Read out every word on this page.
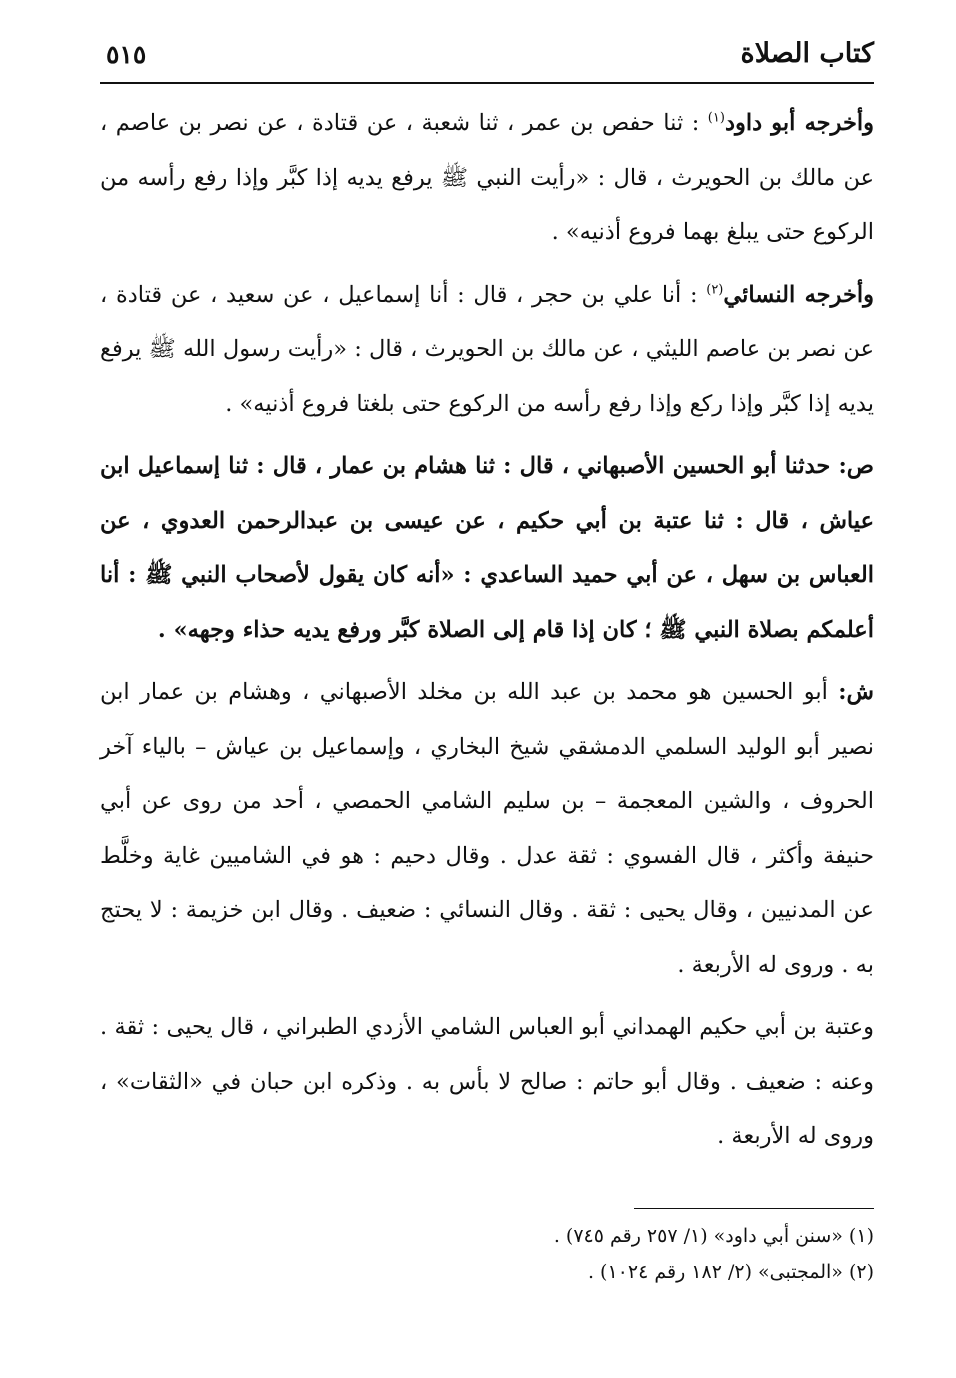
كتاب الصلاة
٥١٥

وأخرجه أبو داود$^{(١)}$ : ثنا حفص بن عمر ، ثنا شعبة ، عن قتادة ، عن نصر بن عاصم ، عن مالك بن الحويرث ، قال : «رأيت النبي ﷺ يرفع يديه إذا كبَّر وإذا رفع رأسه من الركوع حتى يبلغ بهما فروع أذنيه» .

وأخرجه النسائي$^{(٢)}$ : أنا علي بن حجر ، قال : أنا إسماعيل ، عن سعيد ، عن قتادة ، عن نصر بن عاصم الليثي ، عن مالك بن الحويرث ، قال : «رأيت رسول الله ﷺ يرفع يديه إذا كبَّر وإذا ركع وإذا رفع رأسه من الركوع حتى بلغتا فروع أذنيه» .

ص: حدثنا أبو الحسين الأصبهاني ، قال : ثنا هشام بن عمار ، قال : ثنا إسماعيل ابن عياش ، قال : ثنا عتبة بن أبي حكيم ، عن عيسى بن عبدالرحمن العدوي ، عن العباس بن سهل ، عن أبي حميد الساعدي : «أنه كان يقول لأصحاب النبي ﷺ : أنا أعلمكم بصلاة النبي ﷺ ؛ كان إذا قام إلى الصلاة كبَّر ورفع يديه حذاء وجهه» .

ش: أبو الحسين هو محمد بن عبد الله بن مخلد الأصبهاني ، وهشام بن عمار ابن نصير أبو الوليد السلمي الدمشقي شيخ البخاري ، وإسماعيل بن عياش – بالياء آخر الحروف ، والشين المعجمة – بن سليم الشامي الحمصي ، أحد من روى عن أبي حنيفة وأكثر ، قال الفسوي : ثقة عدل . وقال دحيم : هو في الشاميين غاية وخلَّط عن المدنيين ، وقال يحيى : ثقة . وقال النسائي : ضعيف . وقال ابن خزيمة : لا يحتج به . وروى له الأربعة .

وعتبة بن أبي حكيم الهمداني أبو العباس الشامي الأزدي الطبراني ، قال يحيى : ثقة . وعنه : ضعيف . وقال أبو حاتم : صالح لا بأس به . وذكره ابن حبان في «الثقات» ، وروى له الأربعة .

(١) «سنن أبي داود» (١/ ٢٥٧ رقم ٧٤٥) .

(٢) «المجتبى» (٢/ ١٨٢ رقم ١٠٢٤) .
